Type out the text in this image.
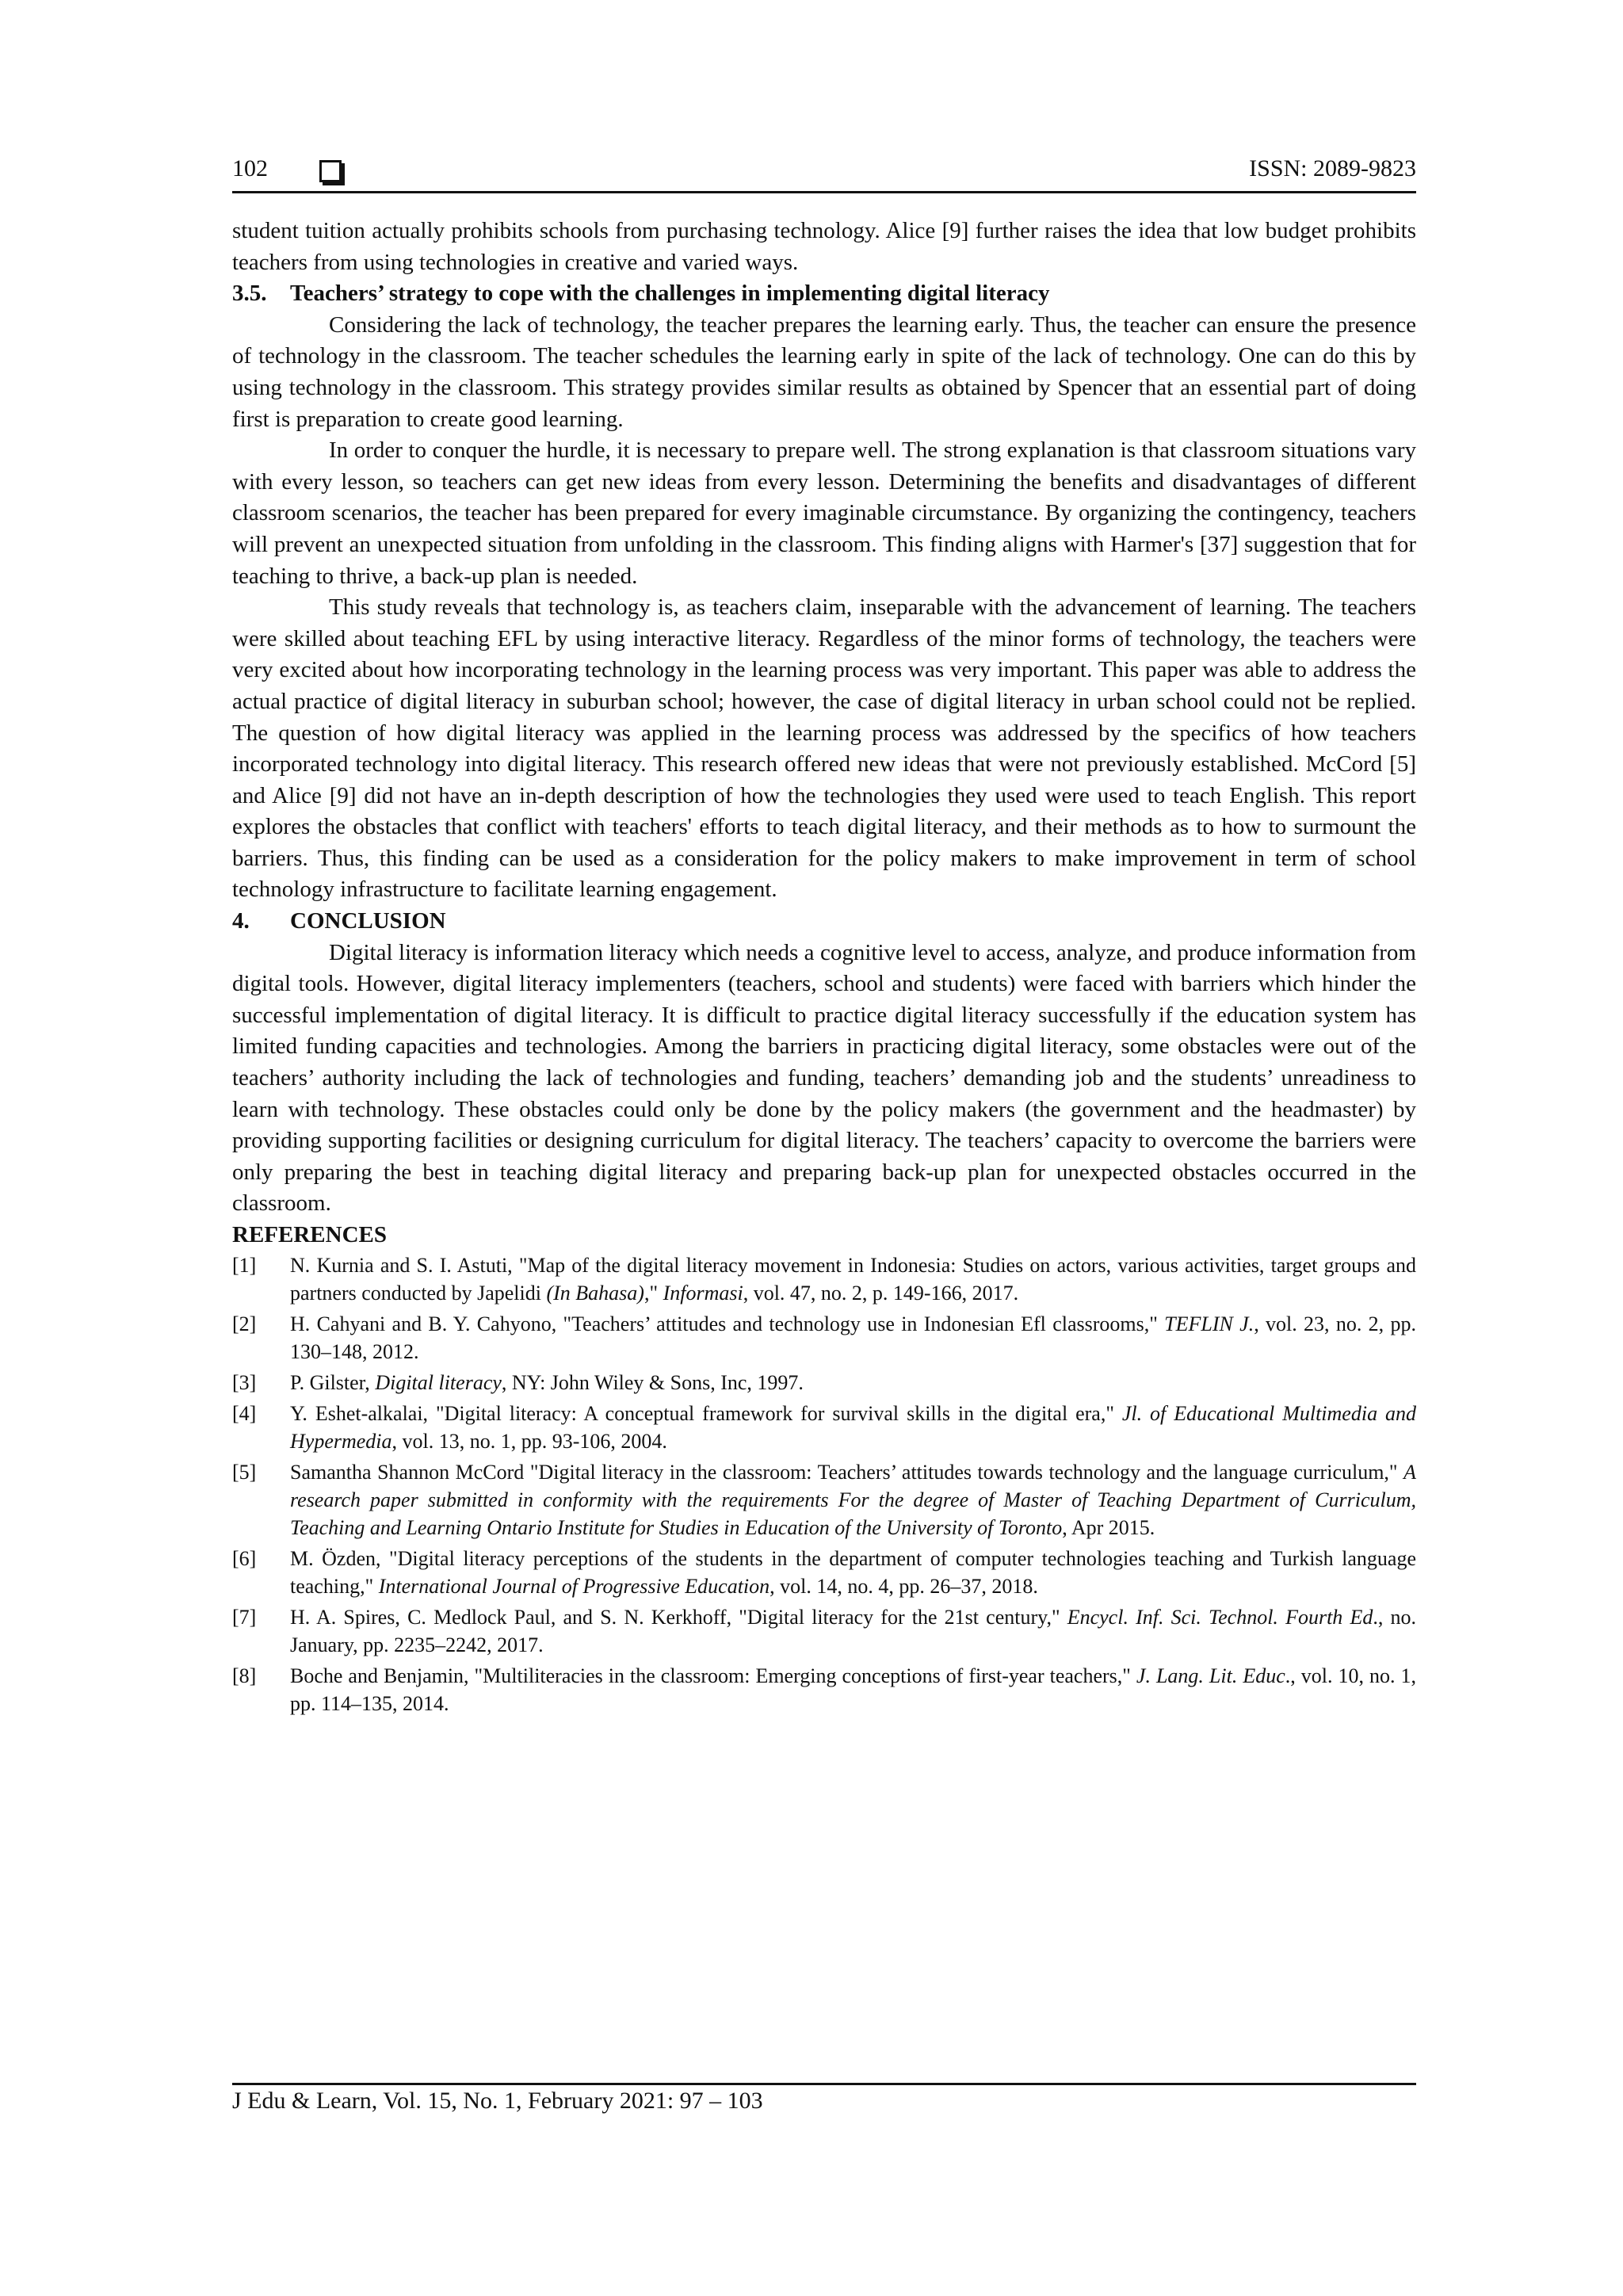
102	ISSN: 2089-9823

student tuition actually prohibits schools from purchasing technology. Alice [9] further raises the idea that low budget prohibits teachers from using technologies in creative and varied ways.

3.5. Teachers’ strategy to cope with the challenges in implementing digital literacy

Considering the lack of technology, the teacher prepares the learning early. Thus, the teacher can ensure the presence of technology in the classroom. The teacher schedules the learning early in spite of the lack of technology. One can do this by using technology in the classroom. This strategy provides similar results as obtained by Spencer that an essential part of doing first is preparation to create good learning.

In order to conquer the hurdle, it is necessary to prepare well. The strong explanation is that classroom situations vary with every lesson, so teachers can get new ideas from every lesson. Determining the benefits and disadvantages of different classroom scenarios, the teacher has been prepared for every imaginable circumstance. By organizing the contingency, teachers will prevent an unexpected situation from unfolding in the classroom. This finding aligns with Harmer's [37] suggestion that for teaching to thrive, a back-up plan is needed.

This study reveals that technology is, as teachers claim, inseparable with the advancement of learning. The teachers were skilled about teaching EFL by using interactive literacy. Regardless of the minor forms of technology, the teachers were very excited about how incorporating technology in the learning process was very important. This paper was able to address the actual practice of digital literacy in suburban school; however, the case of digital literacy in urban school could not be replied. The question of how digital literacy was applied in the learning process was addressed by the specifics of how teachers incorporated technology into digital literacy. This research offered new ideas that were not previously established. McCord [5] and Alice [9] did not have an in-depth description of how the technologies they used were used to teach English. This report explores the obstacles that conflict with teachers' efforts to teach digital literacy, and their methods as to how to surmount the barriers. Thus, this finding can be used as a consideration for the policy makers to make improvement in term of school technology infrastructure to facilitate learning engagement.

4. CONCLUSION

Digital literacy is information literacy which needs a cognitive level to access, analyze, and produce information from digital tools. However, digital literacy implementers (teachers, school and students) were faced with barriers which hinder the successful implementation of digital literacy. It is difficult to practice digital literacy successfully if the education system has limited funding capacities and technologies. Among the barriers in practicing digital literacy, some obstacles were out of the teachers’ authority including the lack of technologies and funding, teachers’ demanding job and the students’ unreadiness to learn with technology. These obstacles could only be done by the policy makers (the government and the headmaster) by providing supporting facilities or designing curriculum for digital literacy. The teachers’ capacity to overcome the barriers were only preparing the best in teaching digital literacy and preparing back-up plan for unexpected obstacles occurred in the classroom.

REFERENCES

[1] N. Kurnia and S. I. Astuti, "Map of the digital literacy movement in Indonesia: Studies on actors, various activities, target groups and partners conducted by Japelidi (In Bahasa)," Informasi, vol. 47, no. 2, p. 149-166, 2017.
[2] H. Cahyani and B. Y. Cahyono, "Teachers’ attitudes and technology use in Indonesian Efl classrooms," TEFLIN J., vol. 23, no. 2, pp. 130–148, 2012.
[3] P. Gilster, Digital literacy, NY: John Wiley & Sons, Inc, 1997.
[4] Y. Eshet-alkalai, "Digital literacy: A conceptual framework for survival skills in the digital era," Jl. of Educational Multimedia and Hypermedia, vol. 13, no. 1, pp. 93-106, 2004.
[5] Samantha Shannon McCord "Digital literacy in the classroom: Teachers’ attitudes towards technology and the language curriculum," A research paper submitted in conformity with the requirements For the degree of Master of Teaching Department of Curriculum, Teaching and Learning Ontario Institute for Studies in Education of the University of Toronto, Apr 2015.
[6] M. Özden, "Digital literacy perceptions of the students in the department of computer technologies teaching and Turkish language teaching," International Journal of Progressive Education, vol. 14, no. 4, pp. 26–37, 2018.
[7] H. A. Spires, C. Medlock Paul, and S. N. Kerkhoff, "Digital literacy for the 21st century," Encycl. Inf. Sci. Technol. Fourth Ed., no. January, pp. 2235–2242, 2017.
[8] Boche and Benjamin, "Multiliteracies in the classroom: Emerging conceptions of first-year teachers," J. Lang. Lit. Educ., vol. 10, no. 1, pp. 114–135, 2014.
J Edu & Learn, Vol. 15, No. 1, February 2021: 97 – 103
